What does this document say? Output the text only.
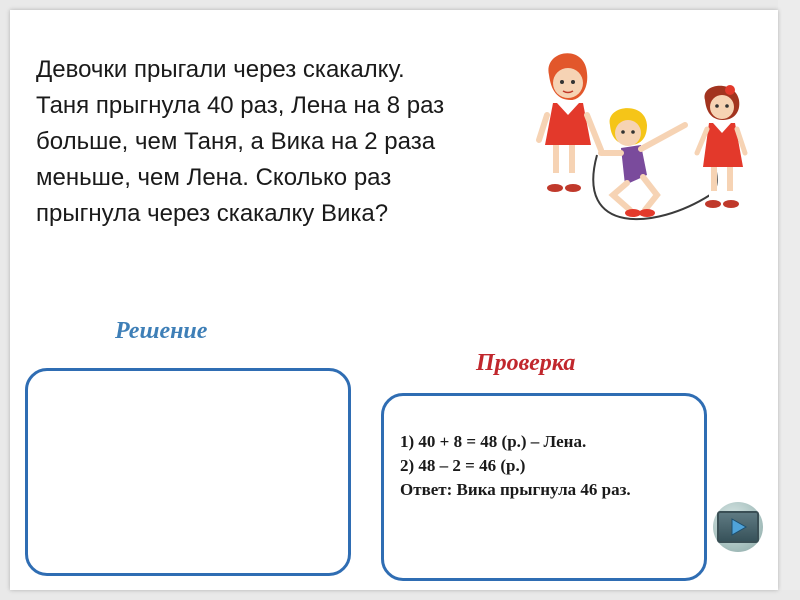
Девочки прыгали через скакалку.
Таня прыгнула 40 раз, Лена на 8 раз
больше, чем Таня, а Вика на 2 раза
меньше, чем Лена. Сколько раз
прыгнула через скакалку Вика?
Решение
Проверка
1) 40 + 8 = 48 (р.) – Лена.
2) 48 – 2 = 46 (р.)
Ответ: Вика прыгнула 46 раз.
